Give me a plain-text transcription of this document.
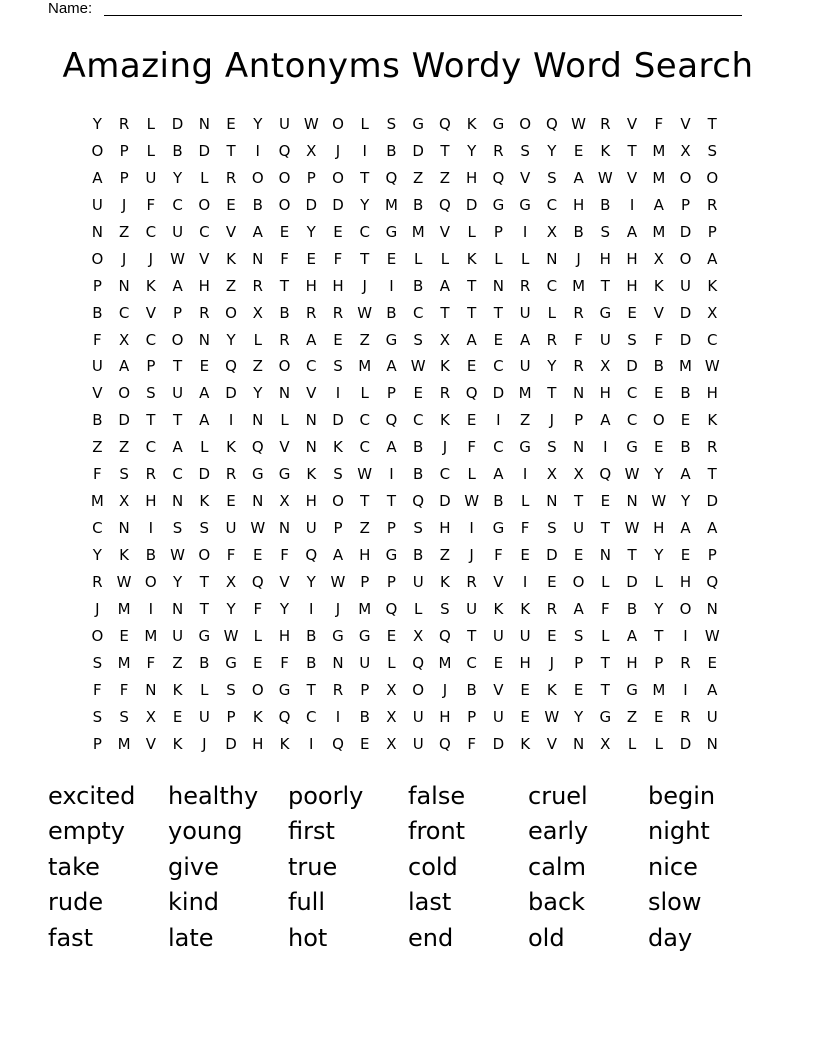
Name:
Amazing Antonyms Wordy Word Search
Y	R	L	D	N	E	Y	U W O	L	S	G	Q	K	G	O Q W R	V	F	V	T
O	P	L	B	D	T	I	Q	X	J	I	B	D	T	Y	R	S	Y	E	K	T	M	X	S
A	P	U	Y	L	R	O O	P	O	T	Q	Z	Z	H	Q	V	S	A W V	M O O
U	J	F	C	O	E	B	O	D	D	Y	M	B	Q	D	G	G	C	H	B	I	A	P	R
N	Z	C	U	C	V	A	E	Y	E	C	G M	V	L	P	I	X	B	S	A	M D	P
O	J	J	W V	K	N	F	E	F	T	E	L	L	K	L	L	N	J	H	H	X	O	A
P	N	K	A	H	Z	R	T	H	H	J	I	B	A	T	N	R	C	M	T	H	K	U	K
B	C	V	P	R	O	X	B	R	R W B	C	T	T	T	U	L	R	G	E	V	D	X
F	X	C	O	N	Y	L	R	A	E	Z	G	S	X	A	E	A	R	F	U	S	F	D	C
U	A	P	T	E	Q	Z	O	C	S	M	A W K	E	C	U	Y	R	X	D	B	M W
V	O	S	U	A	D	Y	N	V	I	L	P	E	R	Q	D M	T	N	H	C	E	B	H
B	D	T	T	A	I	N	L	N	D	C	Q	C	K	E	I	Z	J	P	A	C	O	E	K
Z	Z	C	A	L	K	Q	V	N	K	C	A	B	J	F	C	G	S	N	I	G	E	B	R
F	S	R	C	D	R	G	G	K	S W	I	B	C	L	A	I	X	X	Q W Y	A	T
M	X	H	N	K	E	N	X	H	O	T	T	Q	D W B	L	N	T	E	N W Y	D
C	N	I	S	S	U W N	U	P	Z	P	S	H	I	G	F	S	U	T W H	A	A
Y	K	B W O	F	E	F	Q	A	H	G	B	Z	J	F	E	D	E	N	T	Y	E	P
R W O	Y	T	X	Q	V	Y W P	P	U	K	R	V	I	E	O	L	D	L	H	Q
J	M	I	N	T	Y	F	Y	I	J	M Q	L	S	U	K	K	R	A	F	B	Y	O	N
O	E	M U	G W	L	H	B	G	G	E	X	Q	T	U	U	E	S	L	A	T	I	W
S	M	F	Z	B	G	E	F	B	N	U	L	Q M	C	E	H	J	P	T	H	P	R	E
F	F	N	K	L	S	O	G	T	R	P	X	O	J	B	V	E	K	E	T	G M	I	A
S	S	X	E	U	P	K	Q	C	I	B	X	U	H	P	U	E W Y	G	Z	E	R	U
P	M	V	K	J	D	H	K	I	Q	E	X	U	Q	F	D	K	V	N	X	L	L	D	N
excited	healthy	poorly	false	cruel	begin
empty	young	first	front	early	night
take	give	true	cold	calm	nice
rude	kind	full	last	back	slow
fast	late	hot	end	old	day
